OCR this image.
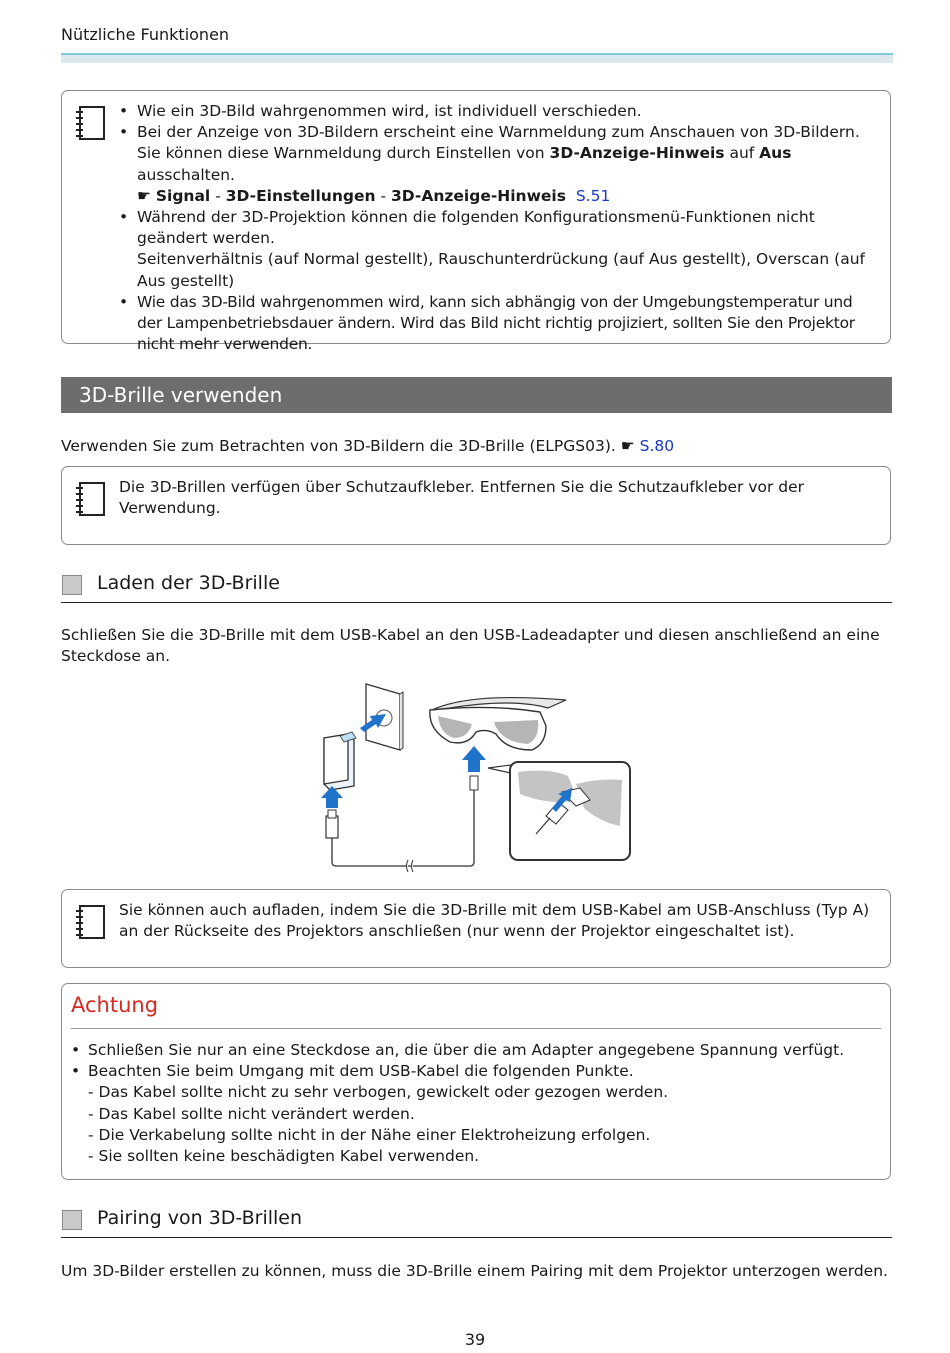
Nützliche Funktionen
• Wie ein 3D-Bild wahrgenommen wird, ist individuell verschieden.
• Bei der Anzeige von 3D-Bildern erscheint eine Warnmeldung zum Anschauen von 3D-Bildern. Sie können diese Warnmeldung durch Einstellen von 3D-Anzeige-Hinweis auf Aus ausschalten.
☛ Signal - 3D-Einstellungen - 3D-Anzeige-Hinweis S.51
• Während der 3D-Projektion können die folgenden Konfigurationsmenü-Funktionen nicht geändert werden.
Seitenverhältnis (auf Normal gestellt), Rauschunterdrückung (auf Aus gestellt), Overscan (auf Aus gestellt)
• Wie das 3D-Bild wahrgenommen wird, kann sich abhängig von der Umgebungstemperatur und der Lampenbetriebsdauer ändern. Wird das Bild nicht richtig projiziert, sollten Sie den Projektor nicht mehr verwenden.
3D-Brille verwenden
Verwenden Sie zum Betrachten von 3D-Bildern die 3D-Brille (ELPGS03). ☛ S.80
Die 3D-Brillen verfügen über Schutzaufkleber. Entfernen Sie die Schutzaufkleber vor der Verwendung.
Laden der 3D-Brille
Schließen Sie die 3D-Brille mit dem USB-Kabel an den USB-Ladeadapter und diesen anschließend an eine Steckdose an.
Sie können auch aufladen, indem Sie die 3D-Brille mit dem USB-Kabel am USB-Anschluss (Typ A) an der Rückseite des Projektors anschließen (nur wenn der Projektor eingeschaltet ist).
Achtung
• Schließen Sie nur an eine Steckdose an, die über die am Adapter angegebene Spannung verfügt.
• Beachten Sie beim Umgang mit dem USB-Kabel die folgenden Punkte.
- Das Kabel sollte nicht zu sehr verbogen, gewickelt oder gezogen werden.
- Das Kabel sollte nicht verändert werden.
- Die Verkabelung sollte nicht in der Nähe einer Elektroheizung erfolgen.
- Sie sollten keine beschädigten Kabel verwenden.
Pairing von 3D-Brillen
Um 3D-Bilder erstellen zu können, muss die 3D-Brille einem Pairing mit dem Projektor unterzogen werden.
39
